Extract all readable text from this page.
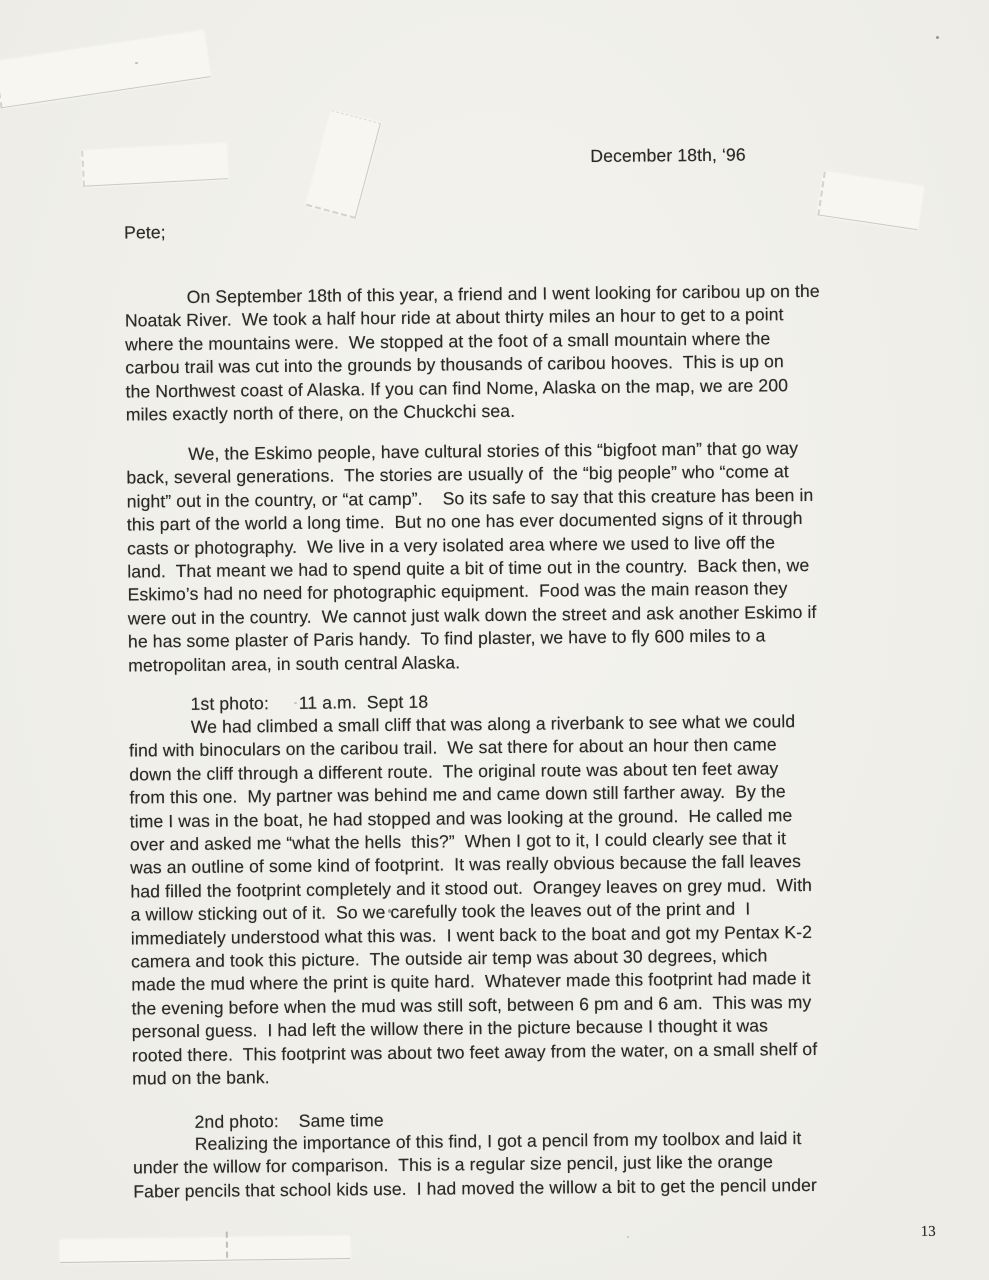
December 18th, ‘96
Pete;
On September 18th of this year, a friend and I went looking for caribou up on the
Noatak River.  We took a half hour ride at about thirty miles an hour to get to a point
where the mountains were.  We stopped at the foot of a small mountain where the
carbou trail was cut into the grounds by thousands of caribou hooves.  This is up on
the Northwest coast of Alaska. If you can find Nome, Alaska on the map, we are 200
miles exactly north of there, on the Chuckchi sea.
We, the Eskimo people, have cultural stories of this “bigfoot man” that go way
back, several generations.  The stories are usually of  the “big people” who “come at
night” out in the country, or “at camp”.    So its safe to say that this creature has been in
this part of the world a long time.  But no one has ever documented signs of it through
casts or photography.  We live in a very isolated area where we used to live off the
land.  That meant we had to spend quite a bit of time out in the country.  Back then, we
Eskimo’s had no need for photographic equipment.  Food was the main reason they
were out in the country.  We cannot just walk down the street and ask another Eskimo if
he has some plaster of Paris handy.  To find plaster, we have to fly 600 miles to a
metropolitan area, in south central Alaska.
1st photo:      11 a.m.  Sept 18
We had climbed a small cliff that was along a riverbank to see what we could
find with binoculars on the caribou trail.  We sat there for about an hour then came
down the cliff through a different route.  The original route was about ten feet away
from this one.  My partner was behind me and came down still farther away.  By the
time I was in the boat, he had stopped and was looking at the ground.  He called me
over and asked me “what the hells  this?”  When I got to it, I could clearly see that it
was an outline of some kind of footprint.  It was really obvious because the fall leaves
had filled the footprint completely and it stood out.  Orangey leaves on grey mud.  With
a willow sticking out of it.  So we carefully took the leaves out of the print and  I
immediately understood what this was.  I went back to the boat and got my Pentax K-2
camera and took this picture.  The outside air temp was about 30 degrees, which
made the mud where the print is quite hard.  Whatever made this footprint had made it
the evening before when the mud was still soft, between 6 pm and 6 am.  This was my
personal guess.  I had left the willow there in the picture because I thought it was
rooted there.  This footprint was about two feet away from the water, on a small shelf of
mud on the bank.
2nd photo:    Same time
Realizing the importance of this find, I got a pencil from my toolbox and laid it
under the willow for comparison.  This is a regular size pencil, just like the orange
Faber pencils that school kids use.  I had moved the willow a bit to get the pencil under
13
